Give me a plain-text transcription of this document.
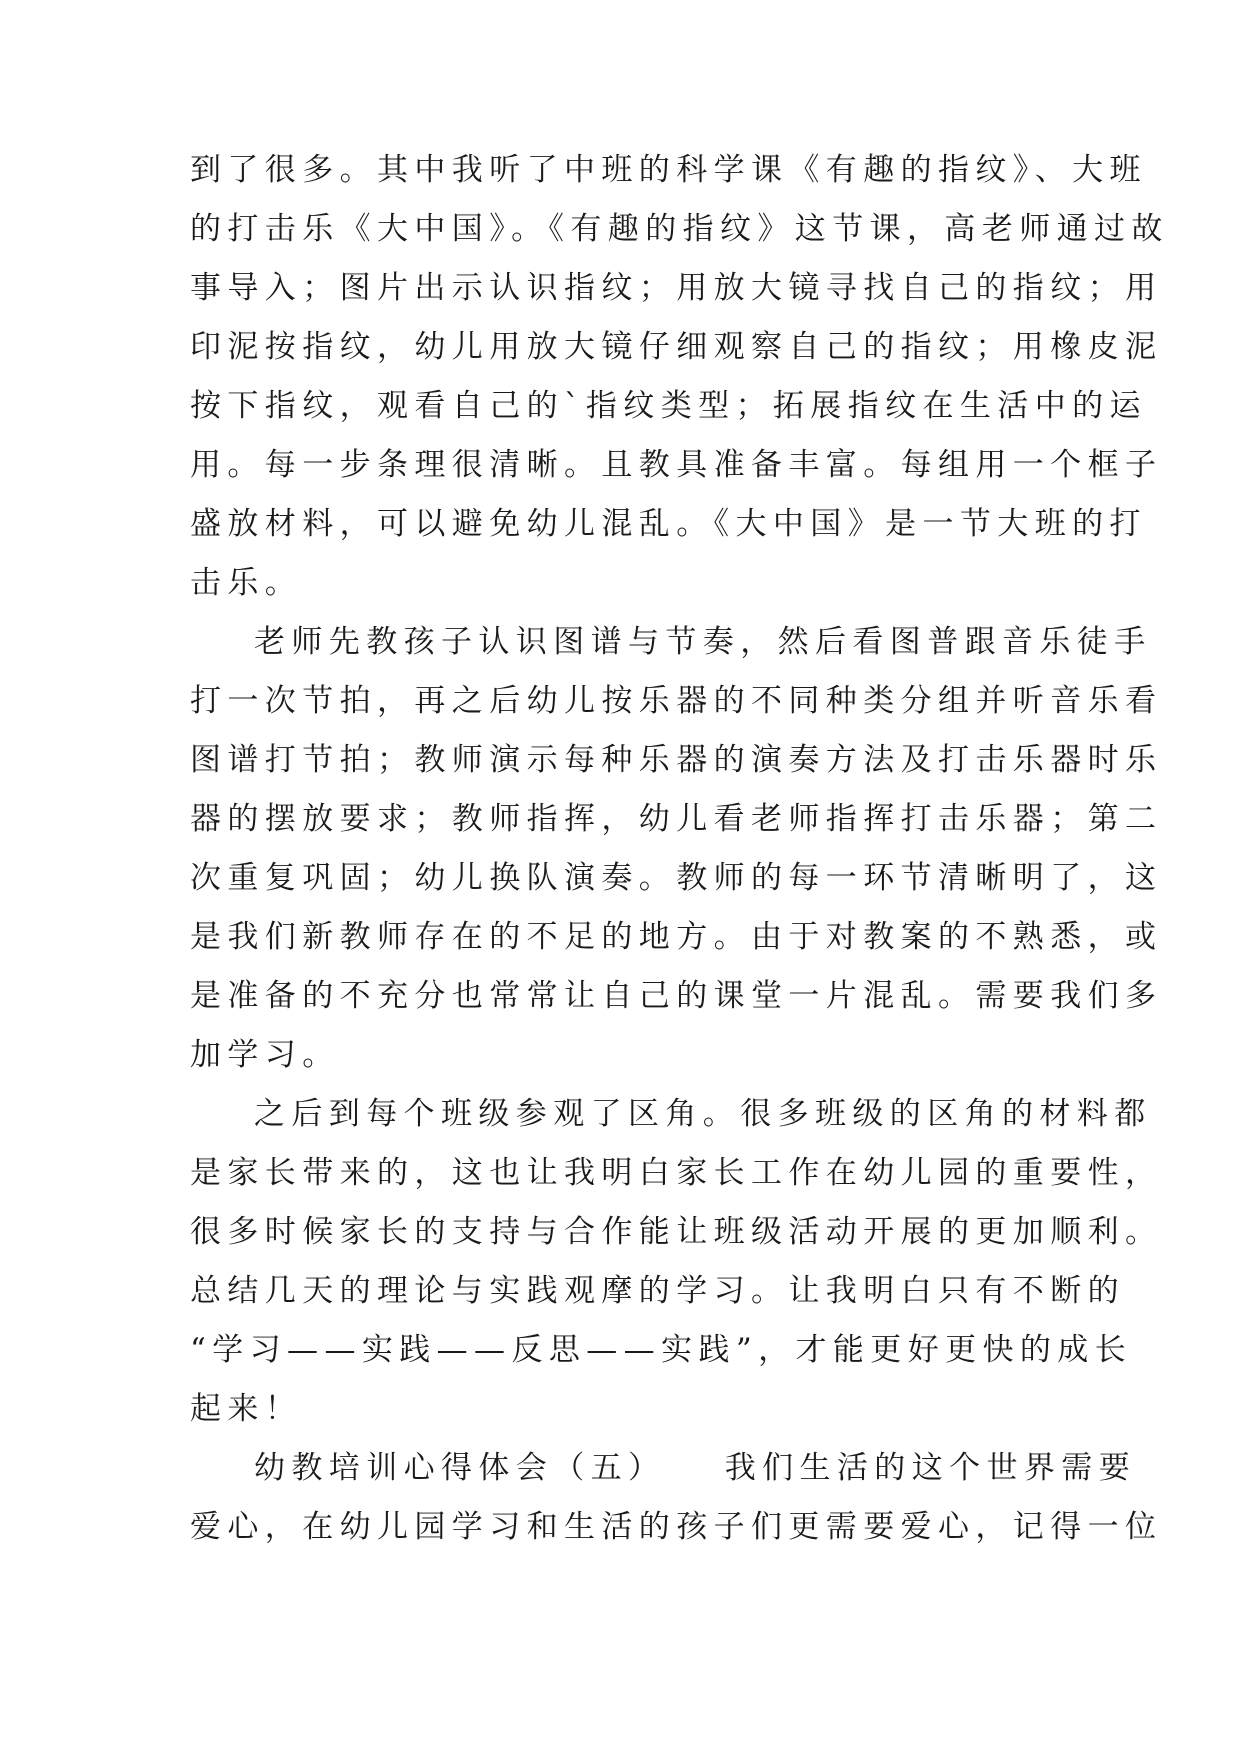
到了很多。其中我听了中班的科学课《有趣的指纹》、大班
的打击乐《大中国》。《有趣的指纹》这节课，高老师通过故
事导入；图片出示认识指纹；用放大镜寻找自己的指纹；用
印泥按指纹，幼儿用放大镜仔细观察自己的指纹；用橡皮泥
按下指纹，观看自己的`指纹类型；拓展指纹在生活中的运
用。每一步条理很清晰。且教具准备丰富。每组用一个框子
盛放材料，可以避免幼儿混乱。《大中国》是一节大班的打
击乐。
老师先教孩子认识图谱与节奏，然后看图普跟音乐徒手
打一次节拍，再之后幼儿按乐器的不同种类分组并听音乐看
图谱打节拍；教师演示每种乐器的演奏方法及打击乐器时乐
器的摆放要求；教师指挥，幼儿看老师指挥打击乐器；第二
次重复巩固；幼儿换队演奏。教师的每一环节清晰明了，这
是我们新教师存在的不足的地方。由于对教案的不熟悉，或
是准备的不充分也常常让自己的课堂一片混乱。需要我们多
加学习。
之后到每个班级参观了区角。很多班级的区角的材料都
是家长带来的，这也让我明白家长工作在幼儿园的重要性，
很多时候家长的支持与合作能让班级活动开展的更加顺利。
总结几天的理论与实践观摩的学习。让我明白只有不断的
“学习——实践——反思——实践”，才能更好更快的成长
起来！
幼教培训心得体会（五）　　我们生活的这个世界需要
爱心，在幼儿园学习和生活的孩子们更需要爱心，记得一位
